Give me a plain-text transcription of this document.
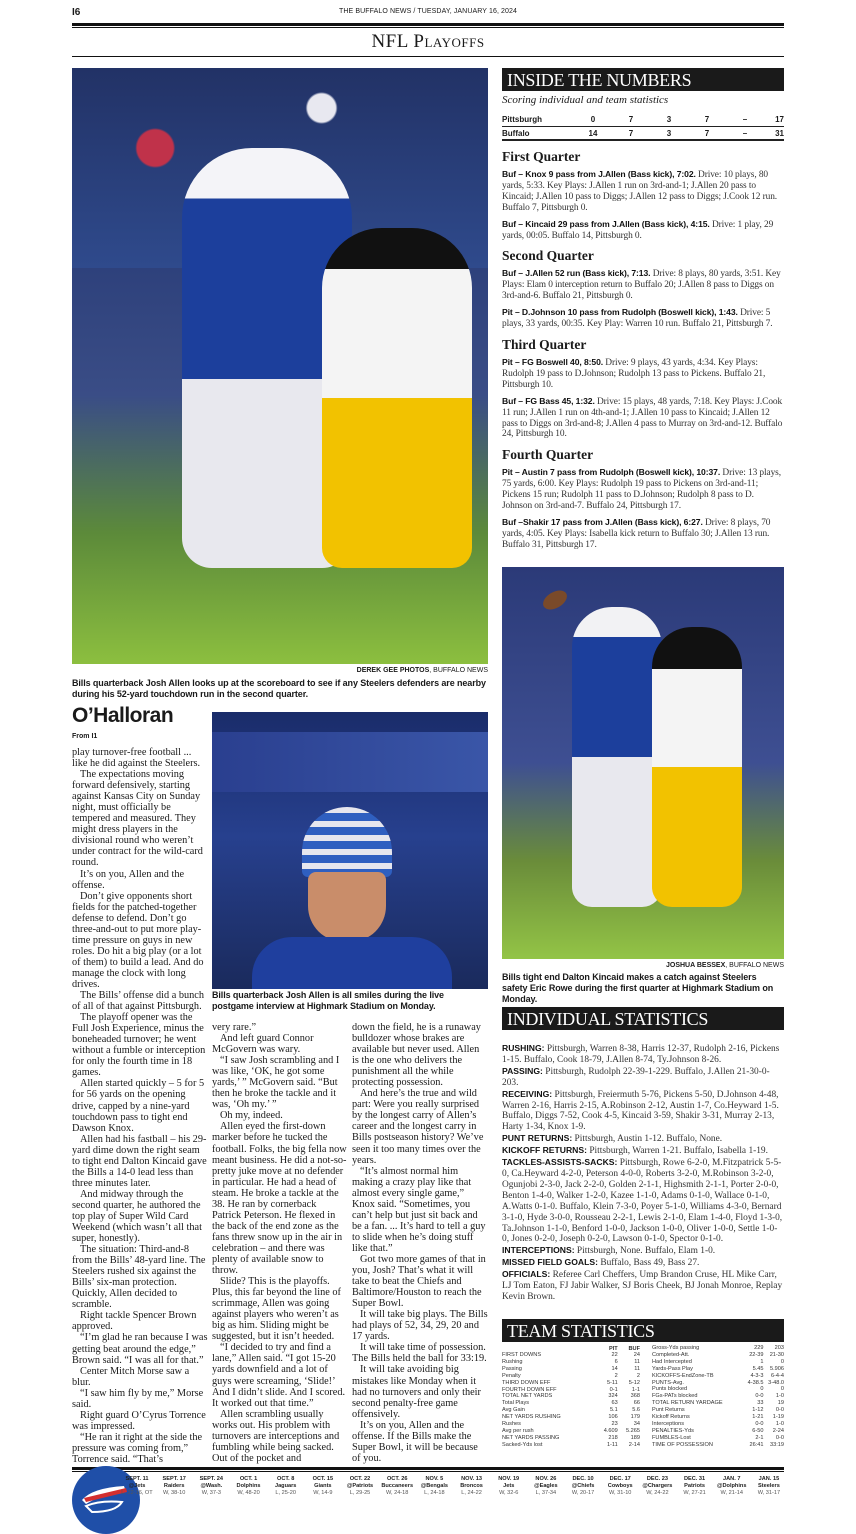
I6	THE BUFFALO NEWS / TUESDAY, JANUARY 16, 2024
NFL Playoffs
DEREK GEE PHOTOS, BUFFALO NEWS
Bills quarterback Josh Allen looks up at the scoreboard to see if any Steelers defenders are nearby during his 52-yard touchdown run in the second quarter.
O’Halloran
From I1

play turnover-free football ... like he did against the Steelers.

The expectations moving forward defensively, starting against Kansas City on Sunday night, must officially be tempered and measured. They might dress players in the divisional round who weren’t under contract for the wild-card round.

It’s on you, Allen and the offense.

Don’t give opponents short fields for the patched-together defense to defend. Don’t go three-and-out to put more play-time pressure on guys in new roles. Do hit a big play (or a lot of them) to build a lead. And do manage the clock with long drives.

The Bills’ offense did a bunch of all of that against Pittsburgh.

The playoff opener was the Full Josh Experience, minus the boneheaded turnover; he went without a fumble or interception for only the fourth time in 18 games.

Allen started quickly – 5 for 5 for 56 yards on the opening drive, capped by a nine-yard touchdown pass to tight end Dawson Knox.

Allen had his fastball – his 29-yard dime down the right seam to tight end Dalton Kincaid gave the Bills a 14-0 lead less than three minutes later.

And midway through the second quarter, he authored the top play of Super Wild Card Weekend (which wasn’t all that super, honestly).

The situation: Third-and-8 from the Bills’ 48-yard line. The Steelers rushed six against the Bills’ six-man protection. Quickly, Allen decided to scramble.

Right tackle Spencer Brown approved.

“I’m glad he ran because I was getting beat around the edge,” Brown said. “I was all for that.”

Center Mitch Morse saw a blur.

“I saw him fly by me,” Morse said.

Right guard O’Cyrus Torrence was impressed.

“He ran it right at the side the pressure was coming from,” Torrence said. “That’s

Bills quarterback Josh Allen is all smiles during the live postgame interview at Highmark Stadium on Monday.

very rare.”

And left guard Connor McGovern was wary.

“I saw Josh scrambling and I was like, ‘OK, he got some yards,’ ” McGovern said. “But then he broke the tackle and it was, ‘Oh my.’ ”

Oh my, indeed.

Allen eyed the first-down marker before he tucked the football. Folks, the big fella now meant business. He did a not-so-pretty juke move at no defender in particular. He had a head of steam. He broke a tackle at the 38. He ran by cornerback Patrick Peterson. He flexed in the back of the end zone as the fans threw snow up in the air in celebration – and there was plenty of available snow to throw.

Slide? This is the playoffs. Plus, this far beyond the line of scrimmage, Allen was going against players who weren’t as big as him. Sliding might be suggested, but it isn’t heeded.

“I decided to try and find a lane,” Allen said. “I got 15-20 yards downfield and a lot of guys were screaming, ‘Slide!’ And I didn’t slide. And I scored. It worked out that time.”

Allen scrambling usually works out. His problem with turnovers are interceptions and fumbling while being sacked. Out of the pocket and

down the field, he is a runaway bulldozer whose brakes are available but never used. Allen is the one who delivers the punishment all the while protecting possession.

And here’s the true and wild part: Were you really surprised by the longest carry of Allen’s career and the longest carry in Bills postseason history? We’ve seen it too many times over the years.

“It’s almost normal him making a crazy play like that almost every single game,” Knox said. “Sometimes, you can’t help but just sit back and be a fan. ... It’s hard to tell a guy to slide when he’s doing stuff like that.”

Got two more games of that in you, Josh? That’s what it will take to beat the Chiefs and Baltimore/Houston to reach the Super Bowl.

It will take big plays. The Bills had plays of 52, 34, 29, 20 and 17 yards.

It will take time of possession. The Bills held the ball for 33:19.

It will take avoiding big mistakes like Monday when it had no turnovers and only their second penalty-free game offensively.

It’s on you, Allen and the offense. If the Bills make the Super Bowl, it will be because of you.

INSIDE THE NUMBERS
Scoring individual and team statistics
Pittsburgh	0	7	3	7	–	17
Buffalo	14	7	3	7	–	31
First Quarter
Buf – Knox 9 pass from J.Allen (Bass kick), 7:02. Drive: 10 plays, 80 yards, 5:33. Key Plays: J.Allen 1 run on 3rd-and-1; J.Allen 20 pass to Kincaid; J.Allen 10 pass to Diggs; J.Allen 12 pass to Diggs; J.Cook 12 run. Buffalo 7, Pittsburgh 0.
Buf – Kincaid 29 pass from J.Allen (Bass kick), 4:15. Drive: 1 play, 29 yards, 00:05. Buffalo 14, Pittsburgh 0.
Second Quarter
Buf – J.Allen 52 run (Bass kick), 7:13. Drive: 8 plays, 80 yards, 3:51. Key Plays: Elam 0 interception return to Buffalo 20; J.Allen 8 pass to Diggs on 3rd-and-6. Buffalo 21, Pittsburgh 0.
Pit – D.Johnson 10 pass from Rudolph (Boswell kick), 1:43. Drive: 5 plays, 33 yards, 00:35. Key Play: Warren 10 run. Buffalo 21, Pittsburgh 7.
Third Quarter
Pit – FG Boswell 40, 8:50. Drive: 9 plays, 43 yards, 4:34. Key Plays: Rudolph 19 pass to D.Johnson; Rudolph 13 pass to Pickens. Buffalo 21, Pittsburgh 10.
Buf – FG Bass 45, 1:32. Drive: 15 plays, 48 yards, 7:18. Key Plays: J.Cook 11 run; J.Allen 1 run on 4th-and-1; J.Allen 10 pass to Kincaid; J.Allen 12 pass to Diggs on 3rd-and-8; J.Allen 4 pass to Murray on 3rd-and-12. Buffalo 24, Pittsburgh 10.
Fourth Quarter
Pit – Austin 7 pass from Rudolph (Boswell kick), 10:37. Drive: 13 plays, 75 yards, 6:00. Key Plays: Rudolph 19 pass to Pickens on 3rd-and-11; Pickens 15 run; Rudolph 11 pass to D.Johnson; Rudolph 8 pass to D. Johnson on 3rd-and-7. Buffalo 24, Pittsburgh 17.
Buf –Shakir 17 pass from J.Allen (Bass kick), 6:27. Drive: 8 plays, 70 yards, 4:05. Key Plays: Isabella kick return to Buffalo 30; J.Allen 13 run. Buffalo 31, Pittsburgh 17.
JOSHUA BESSEX, BUFFALO NEWS
Bills tight end Dalton Kincaid makes a catch against Steelers safety Eric Rowe during the first quarter at Highmark Stadium on Monday.
INDIVIDUAL STATISTICS
RUSHING: Pittsburgh, Warren 8-38, Harris 12-37, Rudolph 2-16, Pickens 1-15. Buffalo, Cook 18-79, J.Allen 8-74, Ty.Johnson 8-26.
PASSING: Pittsburgh, Rudolph 22-39-1-229. Buffalo, J.Allen 21-30-0-203.
RECEIVING: Pittsburgh, Freiermuth 5-76, Pickens 5-50, D.Johnson 4-48, Warren 2-16, Harris 2-15, A.Robinson 2-12, Austin 1-7, Co.Heyward 1-5. Buffalo, Diggs 7-52, Cook 4-5, Kincaid 3-59, Shakir 3-31, Murray 2-13, Harty 1-34, Knox 1-9.
PUNT RETURNS: Pittsburgh, Austin 1-12. Buffalo, None.
KICKOFF RETURNS: Pittsburgh, Warren 1-21. Buffalo, Isabella 1-19.
TACKLES-ASSISTS-SACKS: Pittsburgh, Rowe 6-2-0, M.Fitzpatrick 5-5-0, Ca.Heyward 4-2-0, Peterson 4-0-0, Roberts 3-2-0, M.Robinson 3-2-0, Ogunjobi 2-3-0, Jack 2-2-0, Golden 2-1-1, Highsmith 2-1-1, Porter 2-0-0, Benton 1-4-0, Walker 1-2-0, Kazee 1-1-0, Adams 0-1-0, Wallace 0-1-0, A.Watts 0-1-0. Buffalo, Klein 7-3-0, Poyer 5-1-0, Williams 4-3-0, Bernard 3-1-0, Hyde 3-0-0, Rousseau 2-2-1, Lewis 2-1-0, Elam 1-4-0, Floyd 1-3-0, Ta.Johnson 1-1-0, Benford 1-0-0, Jackson 1-0-0, Oliver 1-0-0, Settle 1-0-0, Jones 0-2-0, Joseph 0-2-0, Lawson 0-1-0, Spector 0-1-0.
INTERCEPTIONS: Pittsburgh, None. Buffalo, Elam 1-0.
MISSED FIELD GOALS: Buffalo, Bass 49, Bass 27.
OFFICIALS: Referee Carl Cheffers, Ump Brandon Cruse, HL Mike Carr, LJ Tom Eaton, FJ Jabir Walker, SJ Boris Cheek, BJ Jonah Monroe, Replay Kevin Brown.
TEAM STATISTICS
	PIT	BUF
FIRST DOWNS	22	24
Rushing	6	11
Passing	14	11
Penalty	2	2
THIRD DOWN EFF	5-11	5-12
FOURTH DOWN EFF	0-1	1-1
TOTAL NET YARDS	324	368
Total Plays	63	66
Avg Gain	5.1	5.6
NET YARDS RUSHING	106	179
Rushes	23	34
Avg per rush	4.609	5.265
NET YARDS PASSING	218	189
Sacked-Yds lost	1-11	2-14
Gross-Yds passing	229	203
Completed-Att.	22-39	21-30
Had Intercepted	1	0
Yards-Pass Play	5.45	5.906
KICKOFFS-EndZone-TB	4-3-3	6-4-4
PUNTS-Avg.	4-38.5	3-48.0
Punts blocked	0	0
FGs-PATs blocked	0-0	1-0
TOTAL RETURN YARDAGE	33	19
Punt Returns	1-12	0-0
Kickoff Returns	1-21	1-19
Interceptions	0-0	1-0
PENALTIES-Yds	6-50	2-24
FUMBLES-Lost	2-1	0-0
TIME OF POSSESSION	26:41	33:19
SEPT. 11
@Jets
L, 22-16, OT
SEPT. 17
Raiders
W, 38-10
SEPT. 24
@Wash.
W, 37-3
OCT. 1
Dolphins
W, 48-20
OCT. 8
Jaguars
L, 25-20
OCT. 15
Giants
W, 14-9
OCT. 22
@Patriots
L, 29-25
OCT. 26
Buccaneers
W, 24-18
NOV. 5
@Bengals
L, 24-18
NOV. 13
Broncos
L, 24-22
NOV. 19
Jets
W, 32-6
NOV. 26
@Eagles
L, 37-34
DEC. 10
@Chiefs
W, 20-17
DEC. 17
Cowboys
W, 31-10
DEC. 23
@Chargers
W, 24-22
DEC. 31
Patriots
W, 27-21
JAN. 7
@Dolphins
W, 21-14
JAN. 15
Steelers
W, 31-17
